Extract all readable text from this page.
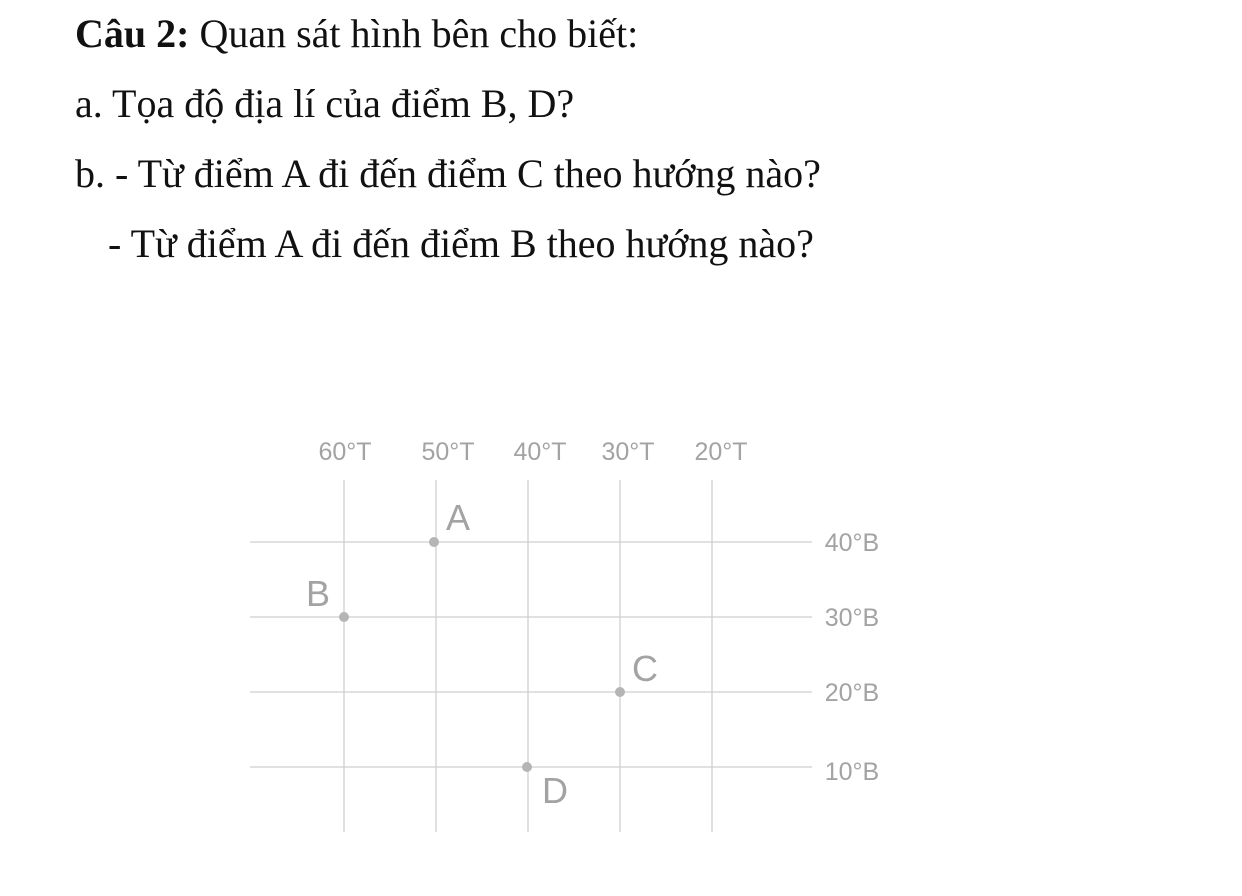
Câu 2: Quan sát hình bên cho biết:
a. Tọa độ địa lí của điểm B, D?
b. - Từ điểm A đi đến điểm C theo hướng nào?
- Từ điểm A đi đến điểm B theo hướng nào?
60°T 50°T 40°T 30°T 20°T
40°B
30°B
20°B
10°B
A
B
C
D
